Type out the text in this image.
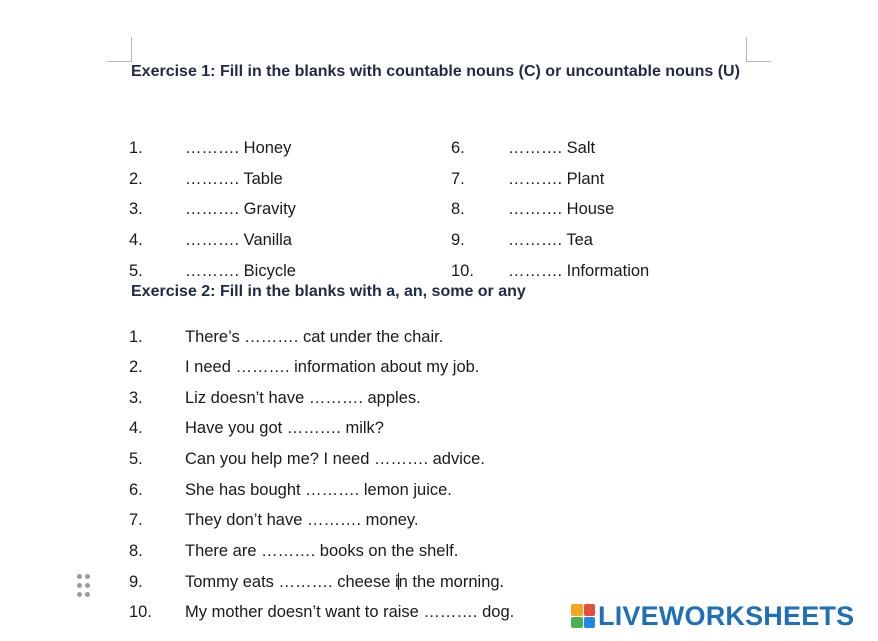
Exercise 1: Fill in the blanks with countable nouns (C) or uncountable nouns (U)

1.	………. Honey
2.	………. Table
3.	………. Gravity
4.	………. Vanilla
5.	………. Bicycle
6.	………. Salt
7.	………. Plant
8.	………. House
9.	………. Tea
10. ………. Information

Exercise 2: Fill in the blanks with a, an, some or any

1.	There’s ………. cat under the chair.
2.	I need ………. information about my job.
3.	Liz doesn’t have ………. apples.
4.	Have you got ………. milk?
5.	Can you help me? I need ………. advice.
6.	She has bought ………. lemon juice.
7.	They don’t have ………. money.
8.	There are ………. books on the shelf.
9.	Tommy eats ………. cheese in the morning.
10. My mother doesn’t want to raise ………. dog.	LIVEWORKSHEETS
